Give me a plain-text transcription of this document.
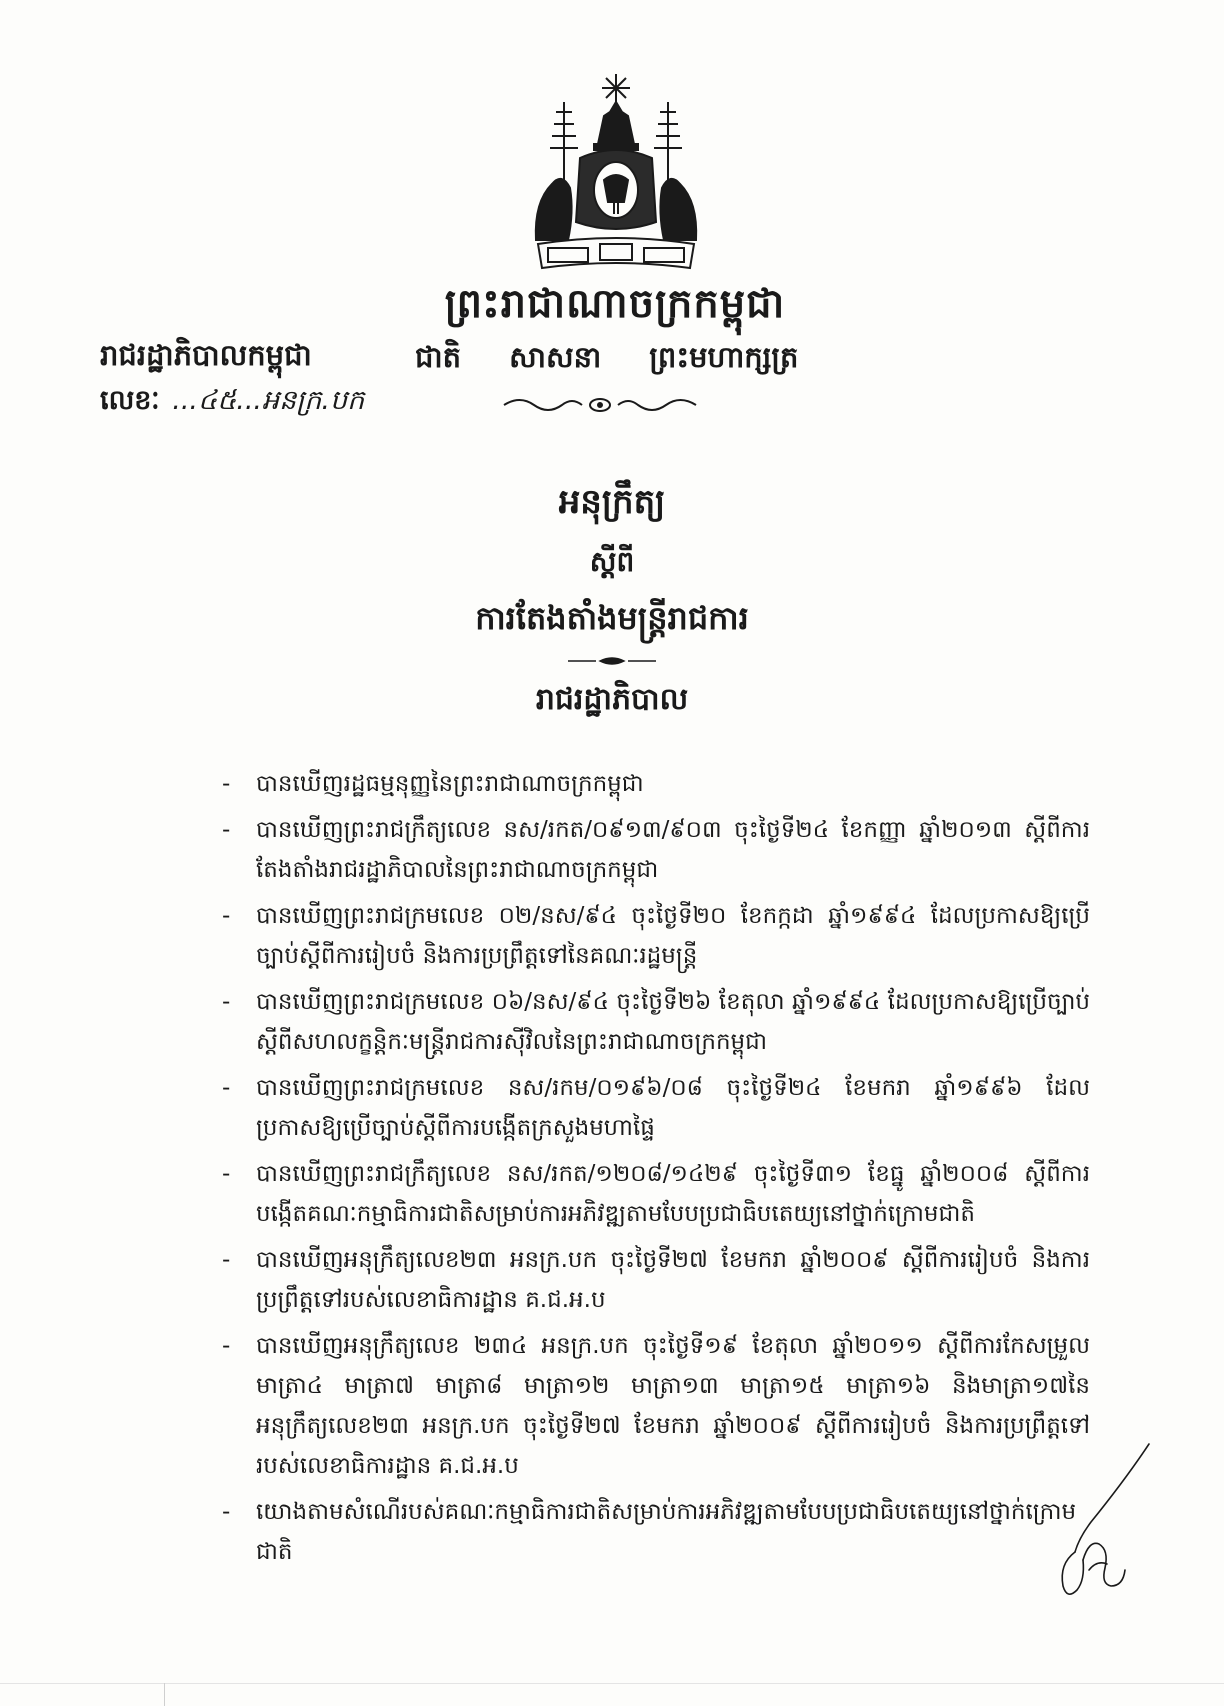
ព្រះរាជាណាចក្រកម្ពុជា
ជាតិ សាសនា ព្រះមហាក្សត្រ
រាជរដ្ឋាភិបាលកម្ពុជា
លេខៈ ...៤៥...អនក្រ.បក
អនុក្រឹត្យ
ស្តីពី
ការតែងតាំងមន្ត្រីរាជការ
រាជរដ្ឋាភិបាល
- បានឃើញរដ្ឋធម្មនុញ្ញនៃព្រះរាជាណាចក្រកម្ពុជា
- បានឃើញព្រះរាជក្រឹត្យលេខ នស/រកត/០៩១៣/៩០៣ ចុះថ្ងៃទី២៤ ខែកញ្ញា ឆ្នាំ២០១៣ ស្តីពីការតែងតាំងរាជរដ្ឋាភិបាលនៃព្រះរាជាណាចក្រកម្ពុជា
- បានឃើញព្រះរាជក្រមលេខ ០២/នស/៩៤ ចុះថ្ងៃទី២០ ខែកក្កដា ឆ្នាំ១៩៩៤ ដែលប្រកាសឱ្យប្រើច្បាប់ស្តីពីការរៀបចំ និងការប្រព្រឹត្តទៅនៃគណៈរដ្ឋមន្ត្រី
- បានឃើញព្រះរាជក្រមលេខ ០៦/នស/៩៤ ចុះថ្ងៃទី២៦ ខែតុលា ឆ្នាំ១៩៩៤ ដែលប្រកាសឱ្យប្រើច្បាប់ស្តីពីសហលក្ខន្តិកៈមន្ត្រីរាជការស៊ីវិលនៃព្រះរាជាណាចក្រកម្ពុជា
- បានឃើញព្រះរាជក្រមលេខ នស/រកម/០១៩៦/០៨ ចុះថ្ងៃទី២៤ ខែមករា ឆ្នាំ១៩៩៦ ដែលប្រកាសឱ្យប្រើច្បាប់ស្តីពីការបង្កើតក្រសួងមហាផ្ទៃ
- បានឃើញព្រះរាជក្រឹត្យលេខ នស/រកត/១២០៨/១៤២៩ ចុះថ្ងៃទី៣១ ខែធ្នូ ឆ្នាំ២០០៨ ស្តីពីការបង្កើតគណៈកម្មាធិការជាតិសម្រាប់ការអភិវឌ្ឍតាមបែបប្រជាធិបតេយ្យនៅថ្នាក់ក្រោមជាតិ
- បានឃើញអនុក្រឹត្យលេខ២៣ អនក្រ.បក ចុះថ្ងៃទី២៧ ខែមករា ឆ្នាំ២០០៩ ស្តីពីការរៀបចំ និងការប្រព្រឹត្តទៅរបស់លេខាធិការដ្ឋាន គ.ជ.អ.ប
- បានឃើញអនុក្រឹត្យលេខ ២៣៤ អនក្រ.បក ចុះថ្ងៃទី១៩ ខែតុលា ឆ្នាំ២០១១ ស្តីពីការកែសម្រួលមាត្រា៤ មាត្រា៧ មាត្រា៨ មាត្រា១២ មាត្រា១៣ មាត្រា១៥ មាត្រា១៦ និងមាត្រា១៧នៃអនុក្រឹត្យលេខ២៣ អនក្រ.បក ចុះថ្ងៃទី២៧ ខែមករា ឆ្នាំ២០០៩ ស្តីពីការរៀបចំ និងការប្រព្រឹត្តទៅរបស់លេខាធិការដ្ឋាន គ.ជ.អ.ប
- យោងតាមសំណើរបស់គណៈកម្មាធិការជាតិសម្រាប់ការអភិវឌ្ឍតាមបែបប្រជាធិបតេយ្យនៅថ្នាក់ក្រោមជាតិ
